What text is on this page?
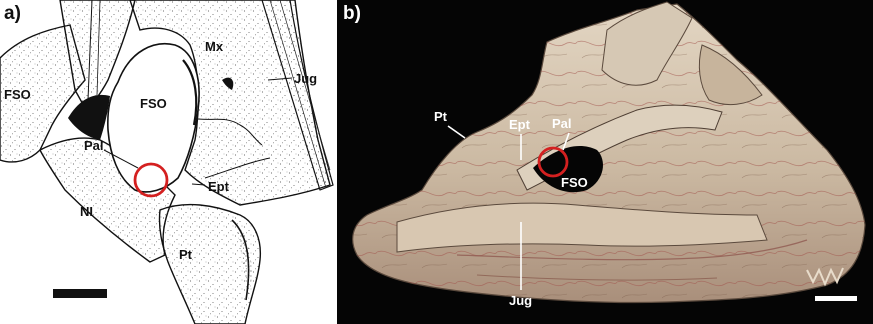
a)
FSO
FSO
Mx
Jug
Pal
Ept
NI
Pt
b)
Pt
Ept Pal
FSO
Jug
